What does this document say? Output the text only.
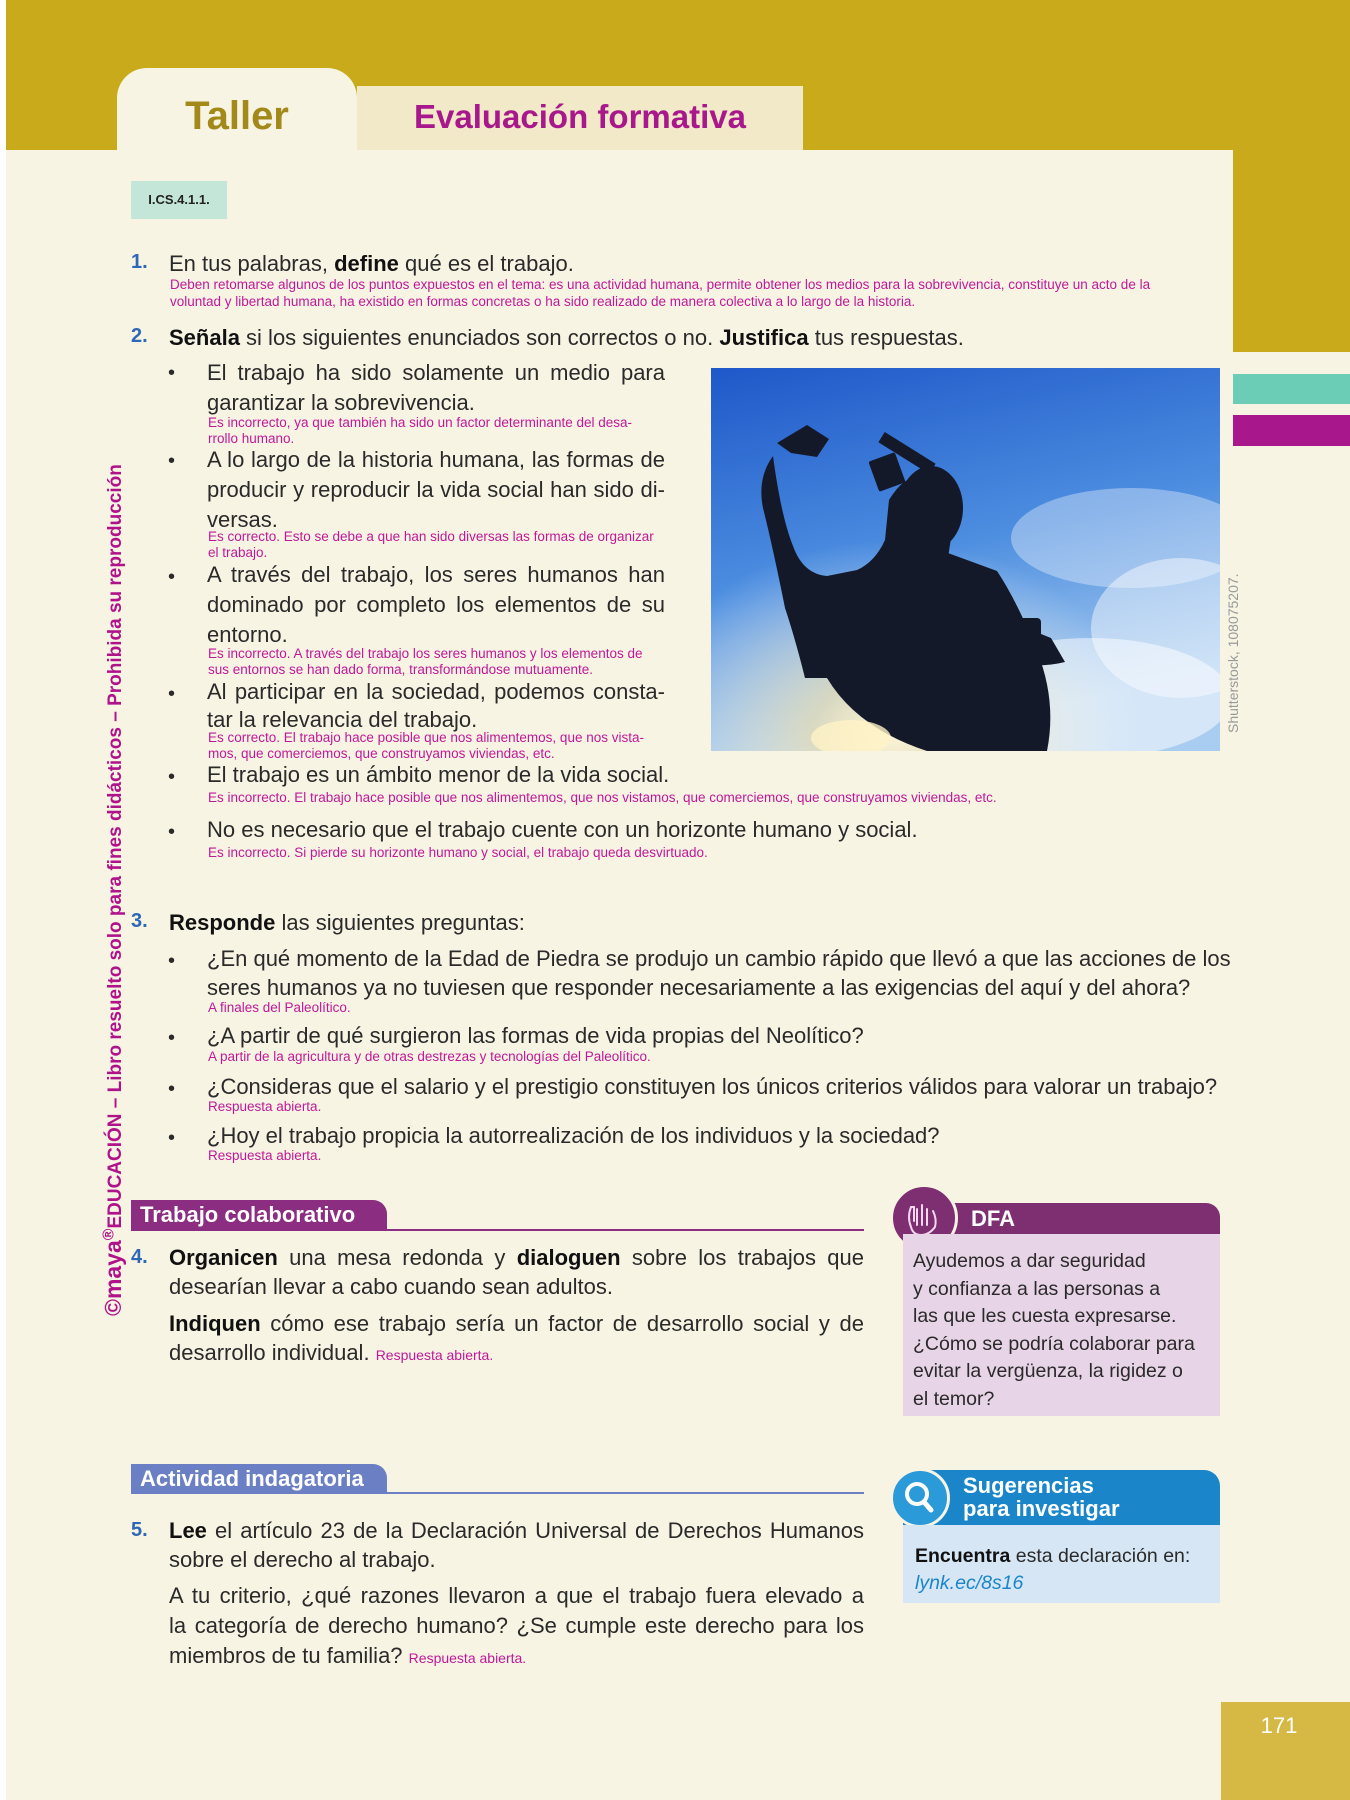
Taller	Evaluación formativa
I.CS.4.1.1.
©maya®EDUCACIÓN – Libro resuelto solo para fines didácticos – Prohibida su reproducción	Shutterstock, 108075207.
1. En tus palabras, define qué es el trabajo.
Deben retomarse algunos de los puntos expuestos en el tema: es una actividad humana, permite obtener los medios para la sobrevivencia, constituye un acto de la
voluntad y libertad humana, ha existido en formas concretas o ha sido realizado de manera colectiva a lo largo de la historia.
2. Señala si los siguientes enunciados son correctos o no. Justifica tus respuestas.
• El trabajo ha sido solamente un medio para
garantizar la sobrevivencia.
Es incorrecto, ya que también ha sido un factor determinante del desa-
rrollo humano.
• A lo largo de la historia humana, las formas de
producir y reproducir la vida social han sido di-
versas.
Es correcto. Esto se debe a que han sido diversas las formas de organizar
el trabajo.
• A través del trabajo, los seres humanos han
dominado por completo los elementos de su
entorno.
Es incorrecto. A través del trabajo los seres humanos y los elementos de
sus entornos se han dado forma, transformándose mutuamente.
• Al participar en la sociedad, podemos consta-
tar la relevancia del trabajo.
Es correcto. El trabajo hace posible que nos alimentemos, que nos vista-
mos, que comerciemos, que construyamos viviendas, etc.
• El trabajo es un ámbito menor de la vida social.
Es incorrecto. El trabajo hace posible que nos alimentemos, que nos vistamos, que comerciemos, que construyamos viviendas, etc.
• No es necesario que el trabajo cuente con un horizonte humano y social.
Es incorrecto. Si pierde su horizonte humano y social, el trabajo queda desvirtuado.
3. Responde las siguientes preguntas:
• ¿En qué momento de la Edad de Piedra se produjo un cambio rápido que llevó a que las acciones de los
seres humanos ya no tuviesen que responder necesariamente a las exigencias del aquí y del ahora?
A finales del Paleolítico.
• ¿A partir de qué surgieron las formas de vida propias del Neolítico?
A partir de la agricultura y de otras destrezas y tecnologías del Paleolítico.
• ¿Consideras que el salario y el prestigio constituyen los únicos criterios válidos para valorar un trabajo?
Respuesta abierta.
• ¿Hoy el trabajo propicia la autorrealización de los individuos y la sociedad?
Respuesta abierta.
Trabajo colaborativo
4. Organicen una mesa redonda y dialoguen sobre los trabajos que
desearían llevar a cabo cuando sean adultos.
Indiquen cómo ese trabajo sería un factor de desarrollo social y de
desarrollo individual. Respuesta abierta.
DFA
Ayudemos a dar seguridad
y confianza a las personas a
las que les cuesta expresarse.
¿Cómo se podría colaborar para
evitar la vergüenza, la rigidez o
el temor?
Actividad indagatoria
5. Lee el artículo 23 de la Declaración Universal de Derechos Humanos
sobre el derecho al trabajo.
A tu criterio, ¿qué razones llevaron a que el trabajo fuera elevado a
la categoría de derecho humano? ¿Se cumple este derecho para los
miembros de tu familia? Respuesta abierta.
Sugerencias
para investigar
Encuentra esta declaración en:
lynk.ec/8s16
171
